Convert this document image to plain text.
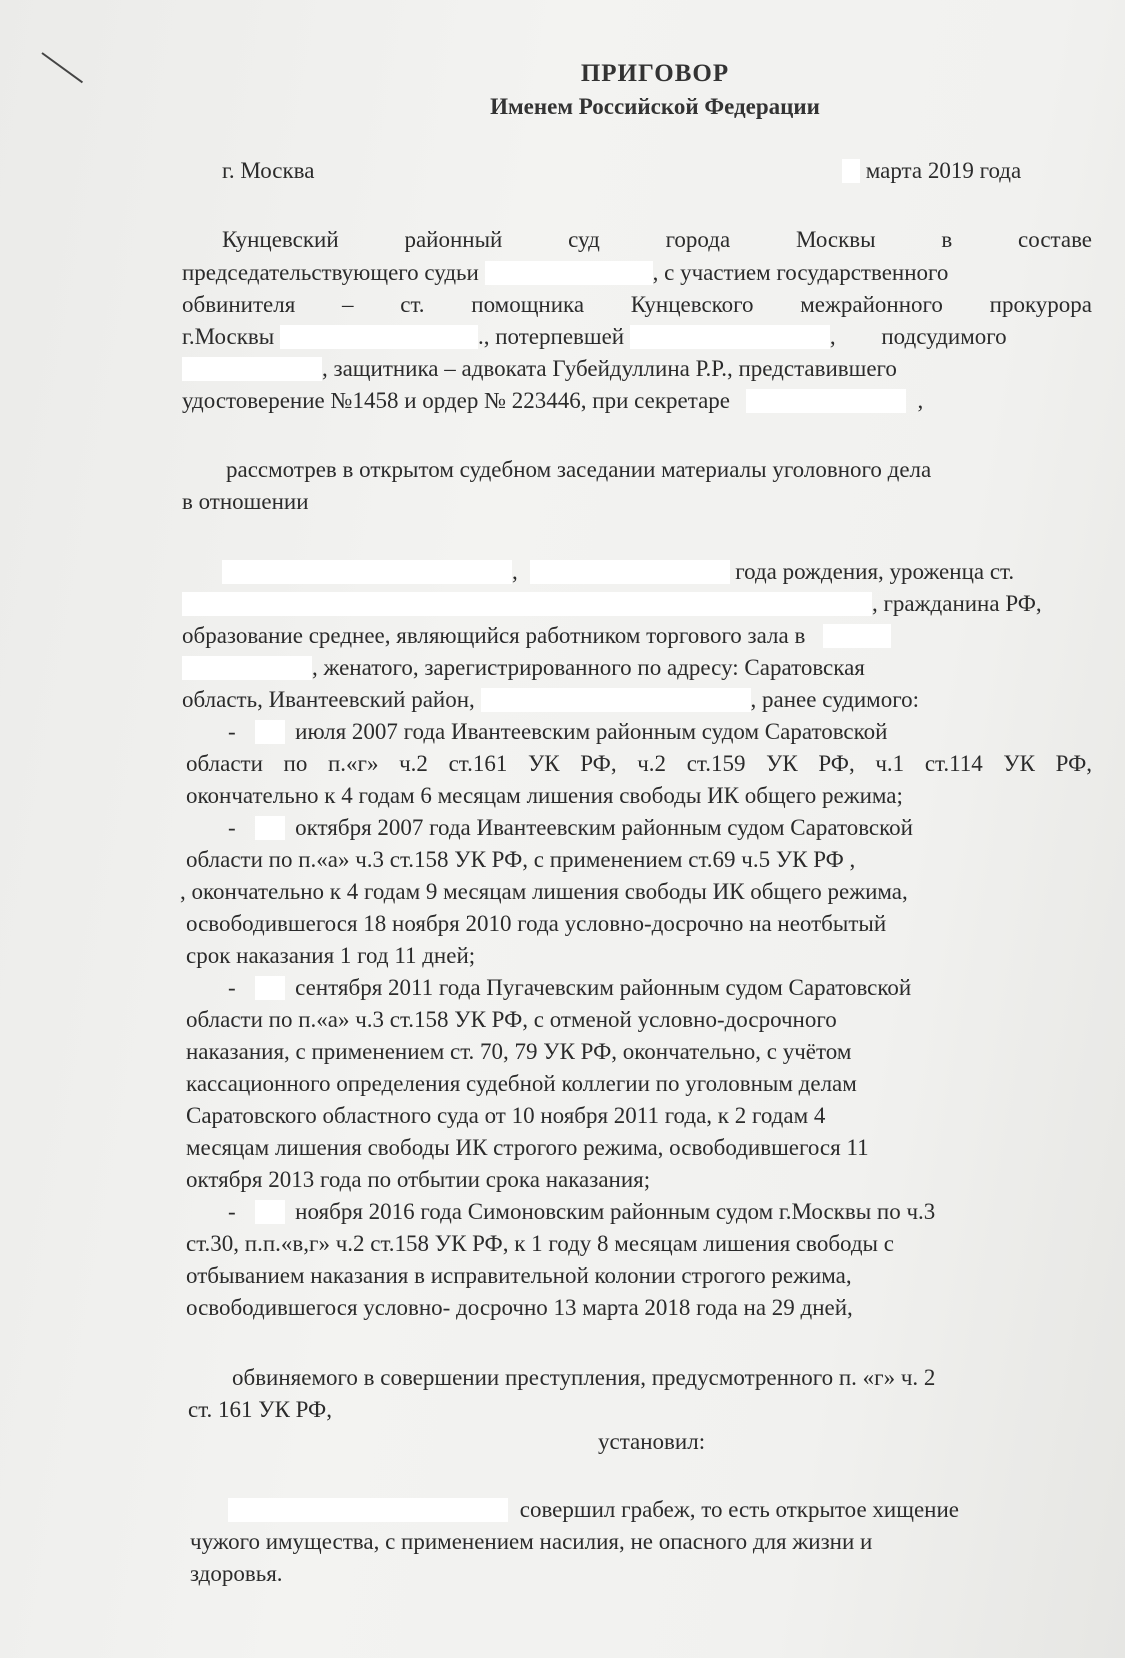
ПРИГОВОР
Именем Российской Федерации
г. Москва	марта 2019 года
Кунцевский районный суд города Москвы в составе
председательствующего судьи	, с участием государственного
обвинителя – ст. помощника Кунцевского межрайонного прокурора
г.Москвы	., потерпевшей	, подсудимого
, защитника – адвоката Губейдуллина Р.Р., представившего
удостоверение №1458 и ордер № 223446, при секретаре	,
рассмотрев в открытом судебном заседании материалы уголовного дела
в отношении
,	года рождения, уроженца ст.
, гражданина РФ,
образование среднее, являющийся работником торгового зала в
, женатого, зарегистрированного по адресу: Саратовская
область, Ивантеевский район,	, ранее судимого:
-	июля 2007 года Ивантеевским районным судом Саратовской
области по п.«г» ч.2 ст.161 УК РФ, ч.2 ст.159 УК РФ, ч.1 ст.114 УК РФ,
окончательно к 4 годам 6 месяцам лишения свободы ИК общего режима;
-	октября 2007 года Ивантеевским районным судом Саратовской
области по п.«а» ч.3 ст.158 УК РФ, с применением ст.69 ч.5 УК РФ ,
, окончательно к 4 годам 9 месяцам лишения свободы ИК общего режима,
освободившегося 18 ноября 2010 года условно-досрочно на неотбытый
срок наказания 1 год 11 дней;
-	сентября 2011 года Пугачевским районным судом Саратовской
области по п.«а» ч.3 ст.158 УК РФ, с отменой условно-досрочного
наказания, с применением ст. 70, 79 УК РФ, окончательно, с учётом
кассационного определения судебной коллегии по уголовным делам
Саратовского областного суда от 10 ноября 2011 года, к 2 годам 4
месяцам лишения свободы ИК строгого режима, освободившегося 11
октября 2013 года по отбытии срока наказания;
-	ноября 2016 года Симоновским районным судом г.Москвы по ч.3
ст.30, п.п.«в,г» ч.2 ст.158 УК РФ, к 1 году 8 месяцам лишения свободы с
отбыванием наказания в исправительной колонии строгого режима,
освободившегося условно- досрочно 13 марта 2018 года на 29 дней,
обвиняемого в совершении преступления, предусмотренного п. «г» ч. 2
ст. 161 УК РФ,
установил:
совершил грабеж, то есть открытое хищение
чужого имущества, с применением насилия, не опасного для жизни и
здоровья.
